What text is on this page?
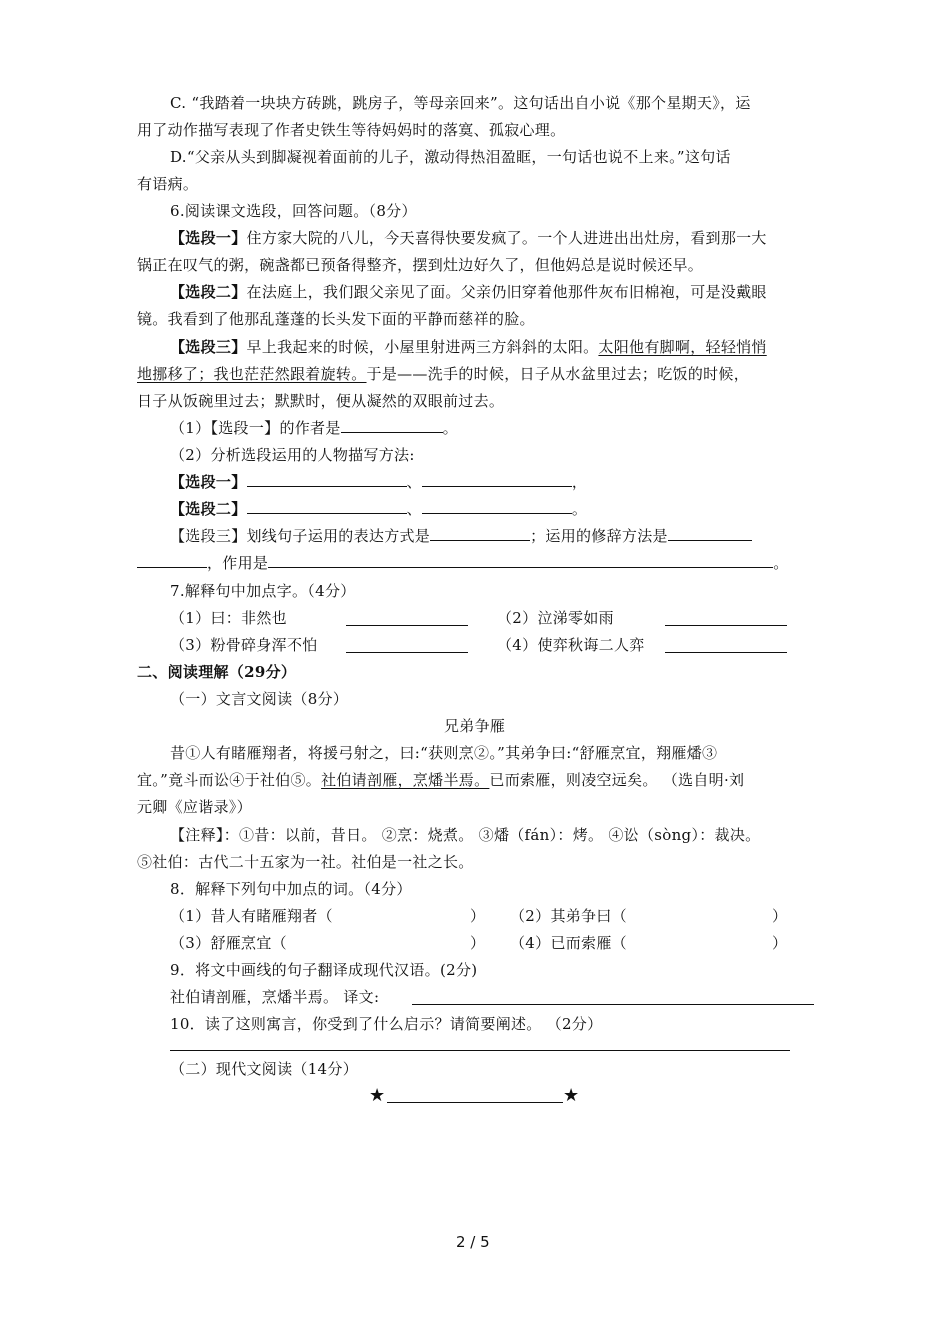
C. “我踏着一块块方砖跳，跳房子，等母亲回来”。这句话出自小说《那个星期天》，运
用了动作描写表现了作者史铁生等待妈妈时的落寞、孤寂心理。
D.“父亲从头到脚凝视着面前的儿子，激动得热泪盈眶，一句话也说不上来。”这句话
有语病。
6.阅读课文选段，回答问题。（8分）
【选段一】住方家大院的八儿，今天喜得快要发疯了。一个人进进出出灶房，看到那一大
锅正在叹气的粥，碗盏都已预备得整齐，摆到灶边好久了，但他妈总是说时候还早。
【选段二】在法庭上，我们跟父亲见了面。父亲仍旧穿着他那件灰布旧棉袍，可是没戴眼
镜。我看到了他那乱蓬蓬的长头发下面的平静而慈祥的脸。
【选段三】早上我起来的时候，小屋里射进两三方斜斜的太阳。太阳他有脚啊，轻轻悄悄
地挪移了；我也茫茫然跟着旋转。于是——洗手的时候，日子从水盆里过去；吃饭的时候，
日子从饭碗里过去；默默时，便从凝然的双眼前过去。
（1）【选段一】的作者是	。
（2）分析选段运用的人物描写方法:
【选段一】	、	，
【选段二】	、	。
【选段三】划线句子运用的表达方式是	；运用的修辞方法是
，作用是	。
7.解释句中加点字。（4分）
（1）曰：非然也	（2）泣涕零如雨
（3）粉骨碎身浑不怕	（4）使弈秋诲二人弈
二、阅读理解（29分）
（一）文言文阅读（8分）
兄弟争雁
昔①人有睹雁翔者，将援弓射之，曰:“获则烹②。”其弟争曰:“舒雁烹宜，翔雁燔③
宜。”竟斗而讼④于社伯⑤。社伯请剖雁，烹燔半焉。已而索雁，则凌空远矣。 （选自明·刘
元卿《应谐录》）
【注释】：①昔：以前，昔日。 ②烹：烧煮。 ③燔（fán）：烤。 ④讼（sòng）：裁决。
⑤社伯：古代二十五家为一社。社伯是一社之长。
8．解释下列句中加点的词。（4分）
（1）昔人有睹雁翔者（	） （2）其弟争曰（	）
（3）舒雁烹宜（	） （4）已而索雁（	）
9．将文中画线的句子翻译成现代汉语。(2分)
社伯请剖雁，烹燔半焉。 译文:
10．读了这则寓言，你受到了什么启示？请简要阐述。 （2分）
（二）现代文阅读（14分）
★	★
2 / 5
